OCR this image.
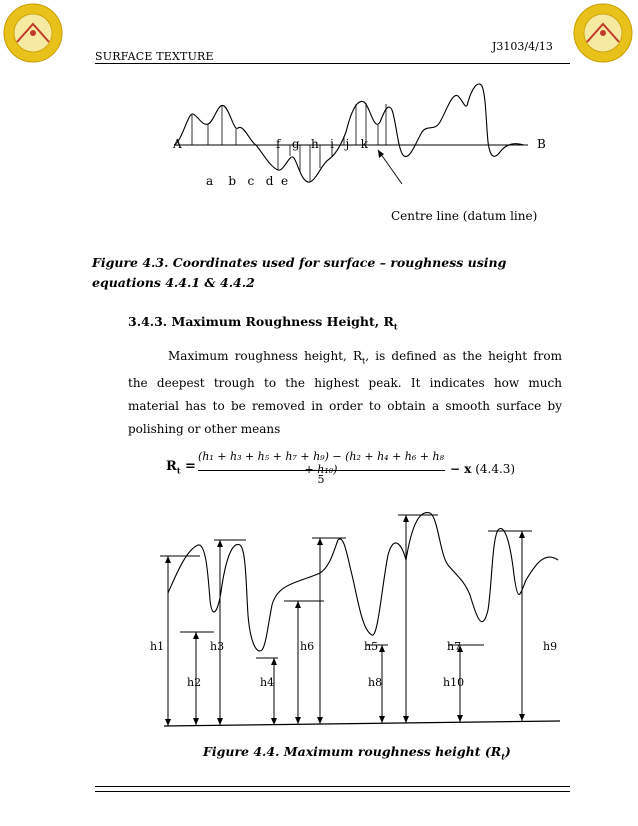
SURFACE TEXTURE
J3103/4/13
A	B
f   g   h   i   j   k
a    b   c   d  e
Centre line (datum line)
Figure 4.3. Coordinates used for surface – roughness using equations 4.4.1 & 4.4.2
3.4.3. Maximum Roughness Height, $R_t$
Maximum roughness height, $R_t$, is defined as the height from the deepest trough to the highest peak. It indicates how much material has to be removed in order to obtain a smooth surface by polishing or other means
$R_t$ =
(h₁ + h₃ + h₅ + h₇ + h₉) − (h₂ + h₄ + h₆ + h₈ + h₁₀)
5
− x (4.4.3)
h1	h3	h6	h5	h7	h9
h2	h4	h8	h10
Figure 4.4. Maximum roughness height $(R_t)$
